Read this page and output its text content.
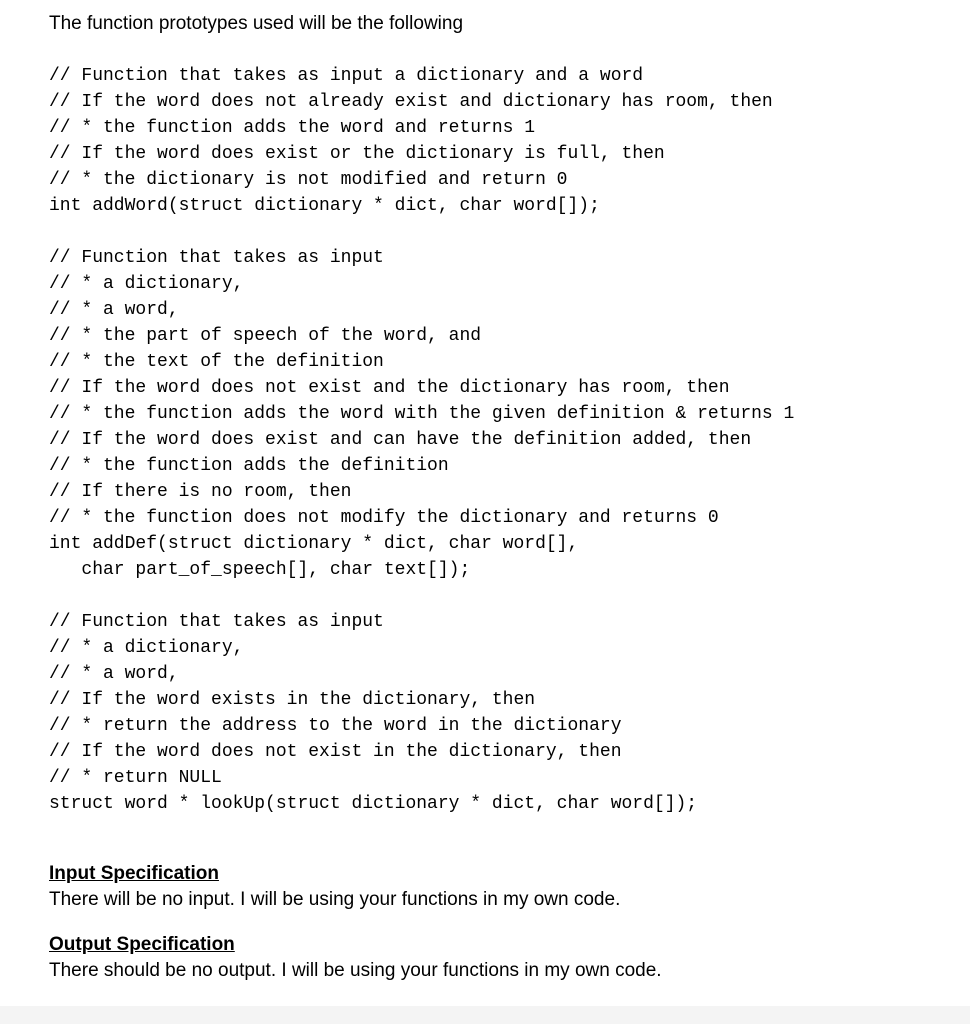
The function prototypes used will be the following
// Function that takes as input a dictionary and a word
// If the word does not already exist and dictionary has room, then
// * the function adds the word and returns 1
// If the word does exist or the dictionary is full, then
// * the dictionary is not modified and return 0
int addWord(struct dictionary * dict, char word[]);
// Function that takes as input
// * a dictionary,
// * a word,
// * the part of speech of the word, and
// * the text of the definition
// If the word does not exist and the dictionary has room, then
// * the function adds the word with the given definition & returns 1
// If the word does exist and can have the definition added, then
// * the function adds the definition
// If there is no room, then
// * the function does not modify the dictionary and returns 0
int addDef(struct dictionary * dict, char word[],
char part_of_speech[], char text[]);
// Function that takes as input
// * a dictionary,
// * a word,
// If the word exists in the dictionary, then
// * return the address to the word in the dictionary
// If the word does not exist in the dictionary, then
// * return NULL
struct word * lookUp(struct dictionary * dict, char word[]);
Input Specification
There will be no input. I will be using your functions in my own code.
Output Specification
There should be no output. I will be using your functions in my own code.
